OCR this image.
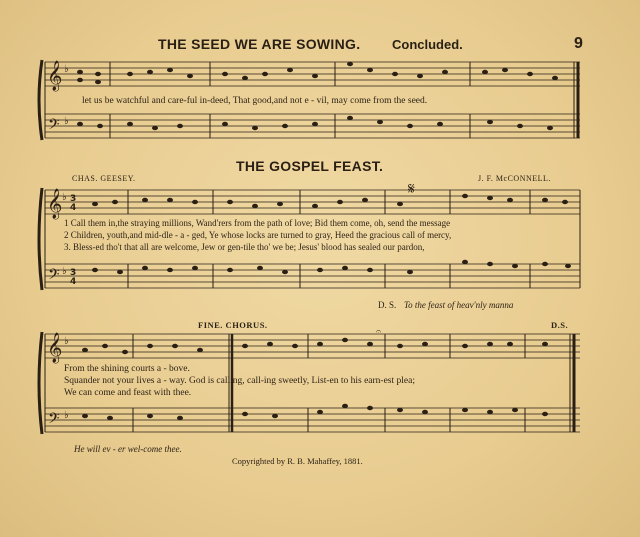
THE SEED WE ARE SOWING. Concluded.	9
𝄞
𝄢
♭
♭
𝄞
𝄢
♭
♭
3
4
3
4
𝄞
𝄢
♭
♭
𝄋
𝄐
let us be watchful and care-ful in-deed, That good,and not e - vil, may come from the seed.
THE GOSPEL FEAST.
CHAS. GEESEY.	J. F. McCONNELL.
1 Call them in,the straying millions, Wand'rers from the path of love; Bid them come, oh, send the message
2 Children, youth,and mid-dle - a - ged, Ye whose locks are turned to gray, Heed the gracious call of mercy,
3. Bless-ed tho't that all are welcome, Jew or gen-tile tho' we be; Jesus' blood has sealed our pardon,
D. S. To the feast of heav'nly manna
FINE. CHORUS.	D.S.
From the shining courts a - bove.
Squander not your lives a - way. God is calling, call-ing sweetly, List-en to his earn-est plea;
We can come and feast with thee.
He will ev - er wel-come thee.
Copyrighted by R. B. Mahaffey, 1881.
